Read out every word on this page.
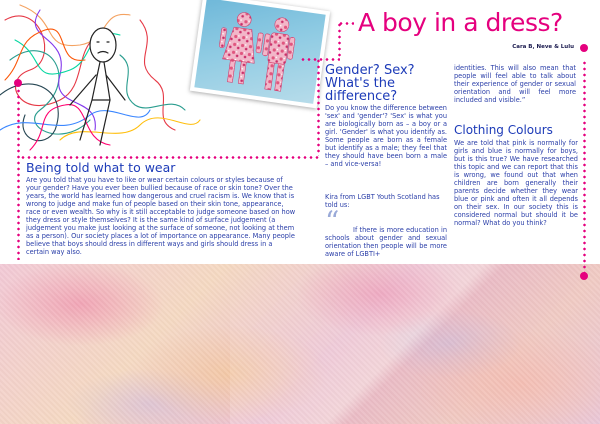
A boy in a dress?
Cara B, Neve & Lulu
Gender? Sex?
What's the
difference?
Do you know the difference between 'sex' and 'gender'? 'Sex' is what you are biologically born as – a boy or a girl. 'Gender' is what you identify as. Some people are born as a female but identify as a male; they feel that they should have been born a male – and vice-versa!
Kira from LGBT Youth Scotland has told us:
“	If there is more education in schools about gender and sexual orientation then people will be more aware of LGBTI+
identities. This will also mean that people will feel able to talk about their experience of gender or sexual orientation and will feel more included and visible.”
Clothing Colours
We are told that pink is normally for girls and blue is normally for boys, but is this true? We have researched this topic and we can report that this is wrong, we found out that when children are born generally their parents decide whether they wear blue or pink and often it all depends on their sex. In our society this is considered normal but should it be normal? What do you think?
Being told what to wear
Are you told that you have to like or wear certain colours or styles because of your gender? Have you ever been bullied because of race or skin tone? Over the years, the world has learned how dangerous and cruel racism is. We know that is wrong to judge and make fun of people based on their skin tone, appearance, race or even wealth. So why is it still acceptable to judge someone based on how they dress or style themselves? It is the same kind of surface judgement (a judgement you make just looking at the surface of someone, not looking at them as a person). Our society places a lot of importance on appearance. Many people believe that boys should dress in different ways and girls should dress in a certain way also.
